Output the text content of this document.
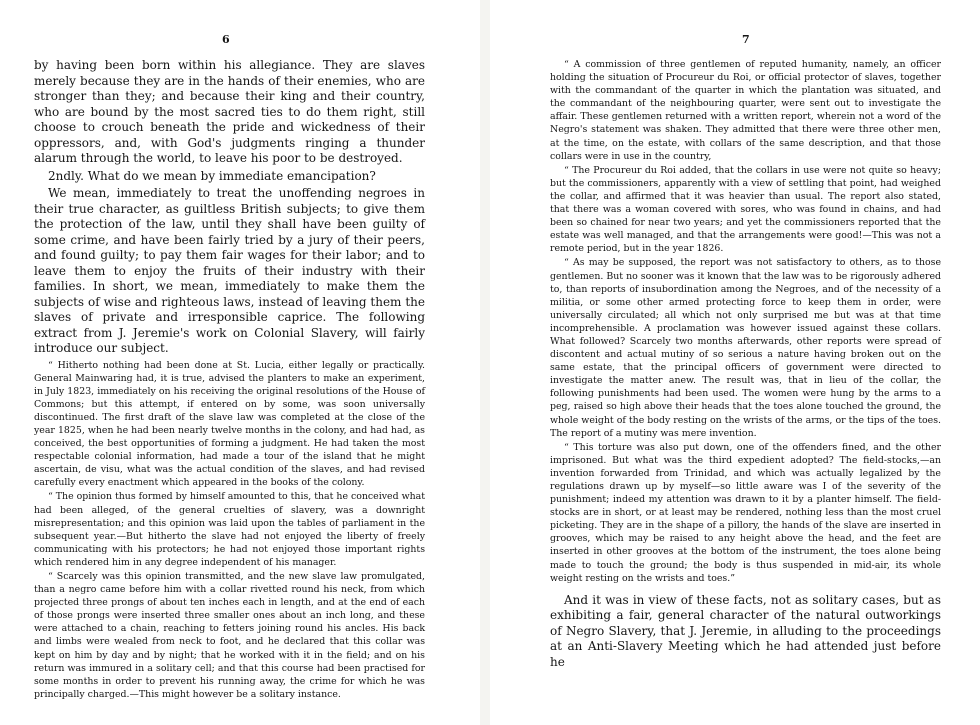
6

by having been born within his allegiance. They are slaves merely because they are in the hands of their enemies, who are stronger than they; and because their king and their country, who are bound by the most sacred ties to do them right, still choose to crouch beneath the pride and wickedness of their oppressors, and, with God's judgments ringing a thunder alarum through the world, to leave his poor to be destroyed.

2ndly. What do we mean by immediate emancipation?

We mean, immediately to treat the unoffending negroes in their true character, as guiltless British subjects; to give them the protection of the law, until they shall have been guilty of some crime, and have been fairly tried by a jury of their peers, and found guilty; to pay them fair wages for their labor; and to leave them to enjoy the fruits of their industry with their families. In short, we mean, immediately to make them the subjects of wise and righteous laws, instead of leaving them the slaves of private and irresponsible caprice. The following extract from J. Jeremie's work on Colonial Slavery, will fairly introduce our subject.

“ Hitherto nothing had been done at St. Lucia, either legally or practically. General Mainwaring had, it is true, advised the planters to make an experiment, in July 1823, immediately on his receiving the original resolutions of the House of Commons; but this attempt, if entered on by some, was soon universally discontinued. The first draft of the slave law was completed at the close of the year 1825, when he had been nearly twelve months in the colony, and had had, as conceived, the best opportunities of forming a judgment. He had taken the most respectable colonial information, had made a tour of the island that he might ascertain, de visu, what was the actual condition of the slaves, and had revised carefully every enactment which appeared in the books of the colony.

“ The opinion thus formed by himself amounted to this, that he conceived what had been alleged, of the general cruelties of slavery, was a downright misrepresentation; and this opinion was laid upon the tables of parliament in the subsequent year.—But hitherto the slave had not enjoyed the liberty of freely communicating with his protectors; he had not enjoyed those important rights which rendered him in any degree independent of his manager.

“ Scarcely was this opinion transmitted, and the new slave law promulgated, than a negro came before him with a collar rivetted round his neck, from which projected three prongs of about ten inches each in length, and at the end of each of those prongs were inserted three smaller ones about an inch long, and these were attached to a chain, reaching to fetters joining round his ancles. His back and limbs were wealed from neck to foot, and he declared that this collar was kept on him by day and by night; that he worked with it in the field; and on his return was immured in a solitary cell; and that this course had been practised for some months in order to prevent his running away, the crime for which he was principally charged.—This might however be a solitary instance.

7

“ A commission of three gentlemen of reputed humanity, namely, an officer holding the situation of Procureur du Roi, or official protector of slaves, together with the commandant of the quarter in which the plantation was situated, and the commandant of the neighbouring quarter, were sent out to investigate the affair. These gentlemen returned with a written report, wherein not a word of the Negro's statement was shaken. They admitted that there were three other men, at the time, on the estate, with collars of the same description, and that those collars were in use in the country,

“ The Procureur du Roi added, that the collars in use were not quite so heavy; but the commissioners, apparently with a view of settling that point, had weighed the collar, and affirmed that it was heavier than usual. The report also stated, that there was a woman covered with sores, who was found in chains, and had been so chained for near two years; and yet the commissioners reported that the estate was well managed, and that the arrangements were good!—This was not a remote period, but in the year 1826.

“ As may be supposed, the report was not satisfactory to others, as to those gentlemen. But no sooner was it known that the law was to be rigorously adhered to, than reports of insubordination among the Negroes, and of the necessity of a militia, or some other armed protecting force to keep them in order, were universally circulated; all which not only surprised me but was at that time incomprehensible. A proclamation was however issued against these collars. What followed? Scarcely two months afterwards, other reports were spread of discontent and actual mutiny of so serious a nature having broken out on the same estate, that the principal officers of government were directed to investigate the matter anew. The result was, that in lieu of the collar, the following punishments had been used. The women were hung by the arms to a peg, raised so high above their heads that the toes alone touched the ground, the whole weight of the body resting on the wrists of the arms, or the tips of the toes. The report of a mutiny was mere invention.

“ This torture was also put down, one of the offenders fined, and the other imprisoned. But what was the third expedient adopted? The field-stocks,—an invention forwarded from Trinidad, and which was actually legalized by the regulations drawn up by myself—so little aware was I of the severity of the punishment; indeed my attention was drawn to it by a planter himself. The field-stocks are in short, or at least may be rendered, nothing less than the most cruel picketing. They are in the shape of a pillory, the hands of the slave are inserted in grooves, which may be raised to any height above the head, and the feet are inserted in other grooves at the bottom of the instrument, the toes alone being made to touch the ground; the body is thus suspended in mid-air, its whole weight resting on the wrists and toes.”

And it was in view of these facts, not as solitary cases, but as exhibiting a fair, general character of the natural outworkings of Negro Slavery, that J. Jeremie, in alluding to the proceedings at an Anti-Slavery Meeting which he had attended just before he
